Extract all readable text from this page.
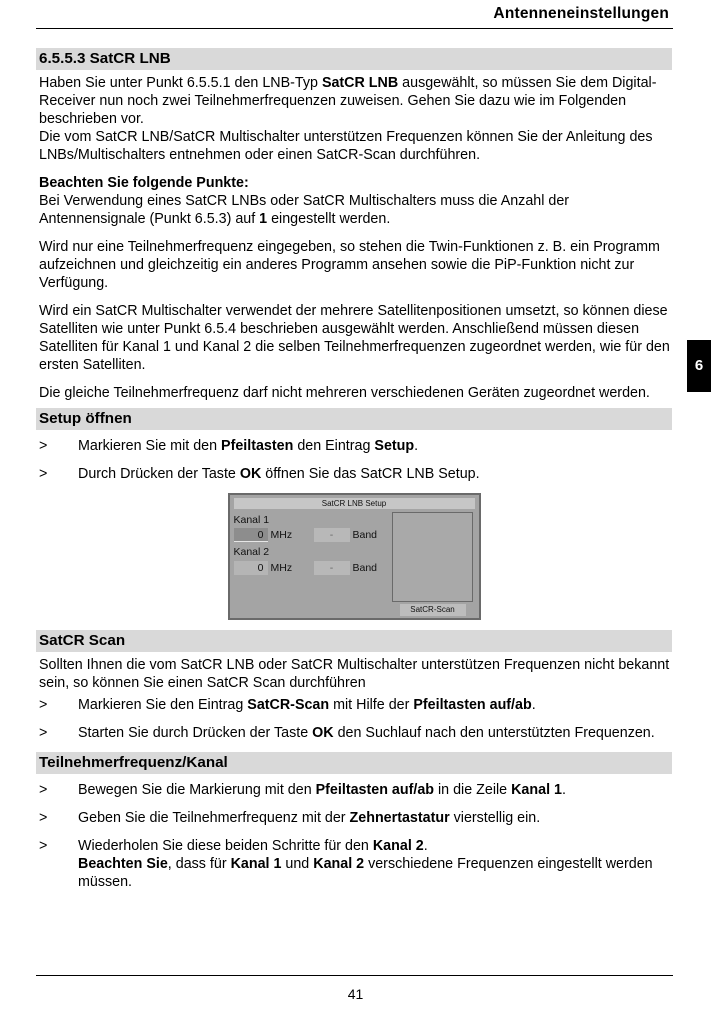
Antenneneinstellungen
6
6.5.5.3 SatCR LNB

Haben Sie unter Punkt 6.5.5.1 den LNB-Typ SatCR LNB ausgewählt, so müssen Sie dem Digital-Receiver nun noch zwei Teilnehmerfrequenzen zuweisen. Gehen Sie dazu wie im Folgenden beschrieben vor.

Die vom SatCR LNB/SatCR Multischalter unterstützen Frequenzen können Sie der Anleitung des LNBs/Multischalters entnehmen oder einen SatCR-Scan durchführen.

Beachten Sie folgende Punkte:

Bei Verwendung eines SatCR LNBs oder SatCR Multischalters muss die Anzahl der Antennensignale (Punkt 6.5.3) auf 1 eingestellt werden.

Wird nur eine Teilnehmerfrequenz eingegeben, so stehen die Twin-Funktionen z. B. ein Programm aufzeichnen und gleichzeitig ein anderes Programm ansehen sowie die PiP-Funktion nicht zur Verfügung.

Wird ein SatCR Multischalter verwendet der mehrere Satellitenpositionen umsetzt, so können diese Satelliten wie unter Punkt 6.5.4 beschrieben ausgewählt werden. Anschließend müssen diesen Satelliten für Kanal 1 und Kanal 2 die selben Teilnehmerfrequenzen zugeordnet werden, wie für den ersten Satelliten.

Die gleiche Teilnehmerfrequenz darf nicht mehreren verschiedenen Geräten zugeordnet werden.

Setup öffnen
>	Markieren Sie mit den Pfeiltasten den Eintrag Setup.
>	Durch Drücken der Taste OK öffnen Sie das SatCR LNB Setup.
SatCR LNB Setup
Kanal 1
0 MHz	-	Band
Kanal 2
0 MHz	-	Band
SatCR-Scan
SatCR Scan

Sollten Ihnen die vom SatCR LNB oder SatCR Multischalter unterstützen Frequenzen nicht bekannt sein, so können Sie einen SatCR Scan durchführen

>	Markieren Sie den Eintrag SatCR-Scan mit Hilfe der Pfeiltasten auf/ab.
>	Starten Sie durch Drücken der Taste OK den Suchlauf nach den unterstützten Frequenzen.
Teilnehmerfrequenz/Kanal
>	Bewegen Sie die Markierung mit den Pfeiltasten auf/ab in die Zeile Kanal 1.
>	Geben Sie die Teilnehmerfrequenz mit der Zehnertastatur vierstellig ein.
>	Wiederholen Sie diese beiden Schritte für den Kanal 2.
Beachten Sie, dass für Kanal 1 und Kanal 2 verschiedene Frequenzen eingestellt werden müssen.
41
